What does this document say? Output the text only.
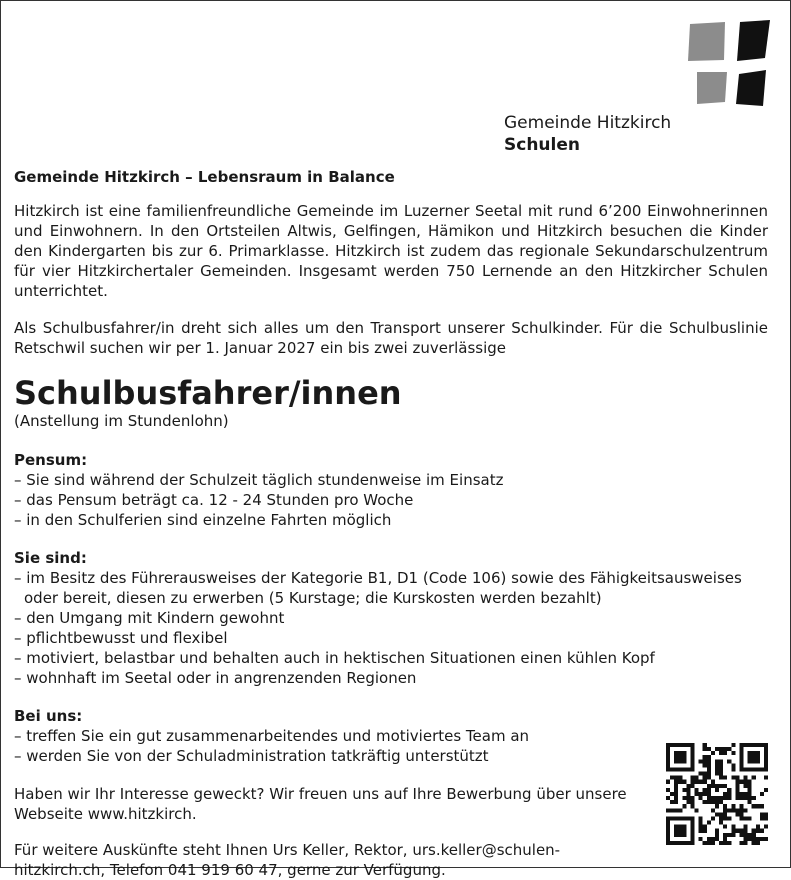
Gemeinde Hitzkirch
Schulen
Gemeinde Hitzkirch – Lebensraum in Balance

Hitzkirch ist eine familienfreundliche Gemeinde im Luzerner Seetal mit rund 6’200 Einwohnerinnen und Einwohnern. In den Ortsteilen Altwis, Gelfingen, Hämikon und Hitzkirch besuchen die Kinder den Kindergarten bis zur 6. Primarklasse. Hitzkirch ist zudem das regionale Sekundarschulzentrum für vier Hitzkirchertaler Gemeinden. Insgesamt werden 750 Lernende an den Hitzkircher Schulen unterrichtet.

Als Schulbusfahrer/in dreht sich alles um den Transport unserer Schulkinder. Für die Schulbuslinie Retschwil suchen wir per 1. Januar 2027 ein bis zwei zuverlässige

Schulbusfahrer/innen
(Anstellung im Stundenlohn)
Pensum:
– Sie sind während der Schulzeit täglich stundenweise im Einsatz
– das Pensum beträgt ca. 12 - 24 Stunden pro Woche
– in den Schulferien sind einzelne Fahrten möglich
Sie sind:
– im Besitz des Führerausweises der Kategorie B1, D1 (Code 106) sowie des Fähigkeitsausweises oder bereit, diesen zu erwerben (5 Kurstage; die Kurskosten werden bezahlt)
– den Umgang mit Kindern gewohnt
– pflichtbewusst und flexibel
– motiviert, belastbar und behalten auch in hektischen Situationen einen kühlen Kopf
– wohnhaft im Seetal oder in angrenzenden Regionen
Bei uns:
– treffen Sie ein gut zusammenarbeitendes und motiviertes Team an
– werden Sie von der Schuladministration tatkräftig unterstützt

Haben wir Ihr Interesse geweckt? Wir freuen uns auf Ihre Bewerbung über unsere Webseite www.hitzkirch.

Für weitere Auskünfte steht Ihnen Urs Keller, Rektor, urs.keller@schulen-hitzkirch.ch, Telefon 041 919 60 47, gerne zur Verfügung.
